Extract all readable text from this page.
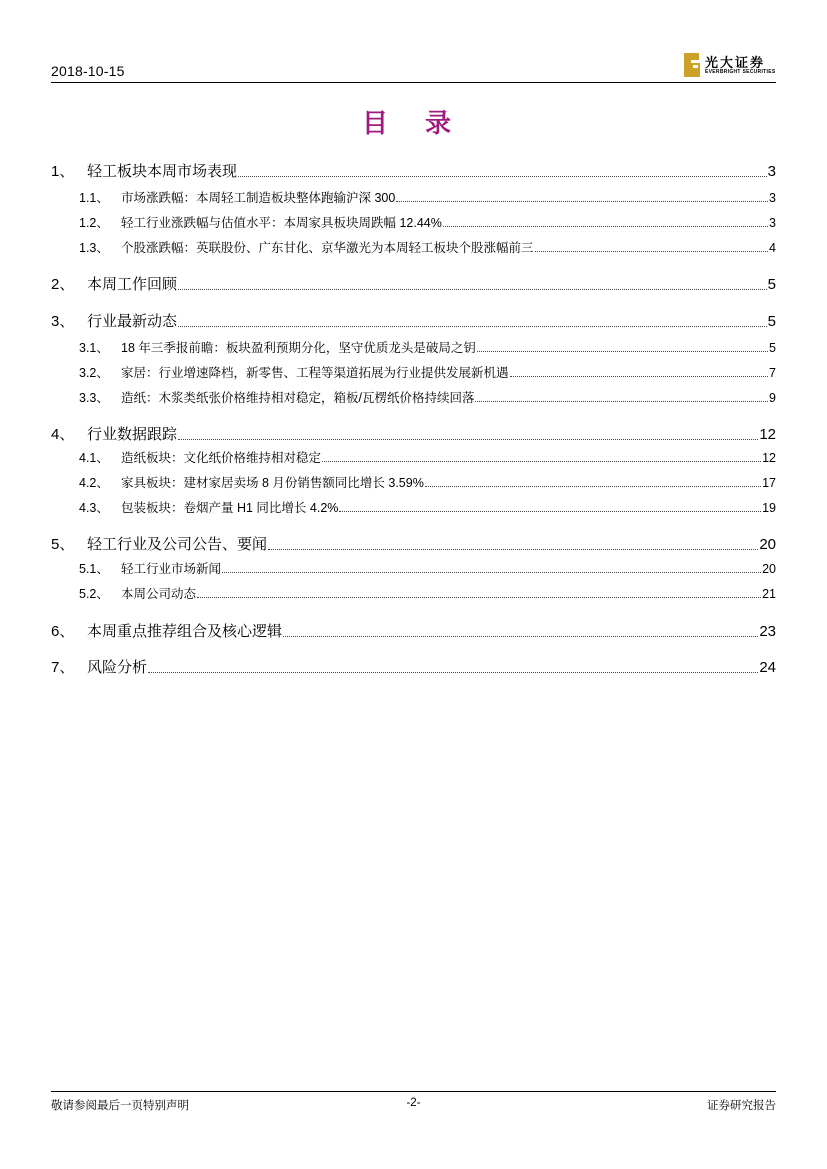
2018-10-15	光大证券
EVERBRIGHT SECURITIES
目 录
1、 轻工板块本周市场表现	3
1.1、 市场涨跌幅：本周轻工制造板块整体跑输沪深 300	3
1.2、 轻工行业涨跌幅与估值水平：本周家具板块周跌幅 12.44%	3
1.3、 个股涨跌幅：英联股份、广东甘化、京华激光为本周轻工板块个股涨幅前三	4
2、 本周工作回顾	5
3、 行业最新动态	5
3.1、 18 年三季报前瞻：板块盈利预期分化，坚守优质龙头是破局之钥	5
3.2、 家居：行业增速降档，新零售、工程等渠道拓展为行业提供发展新机遇	7
3.3、 造纸：木浆类纸张价格维持相对稳定，箱板/瓦楞纸价格持续回落	9
4、 行业数据跟踪	12
4.1、 造纸板块：文化纸价格维持相对稳定	12
4.2、 家具板块：建材家居卖场 8 月份销售额同比增长 3.59%	17
4.3、 包装板块：卷烟产量 H1 同比增长 4.2%	19
5、 轻工行业及公司公告、要闻	20
5.1、 轻工行业市场新闻	20
5.2、 本周公司动态	21
6、 本周重点推荐组合及核心逻辑	23
7、 风险分析	24
敬请参阅最后一页特别声明	-2-	证券研究报告
